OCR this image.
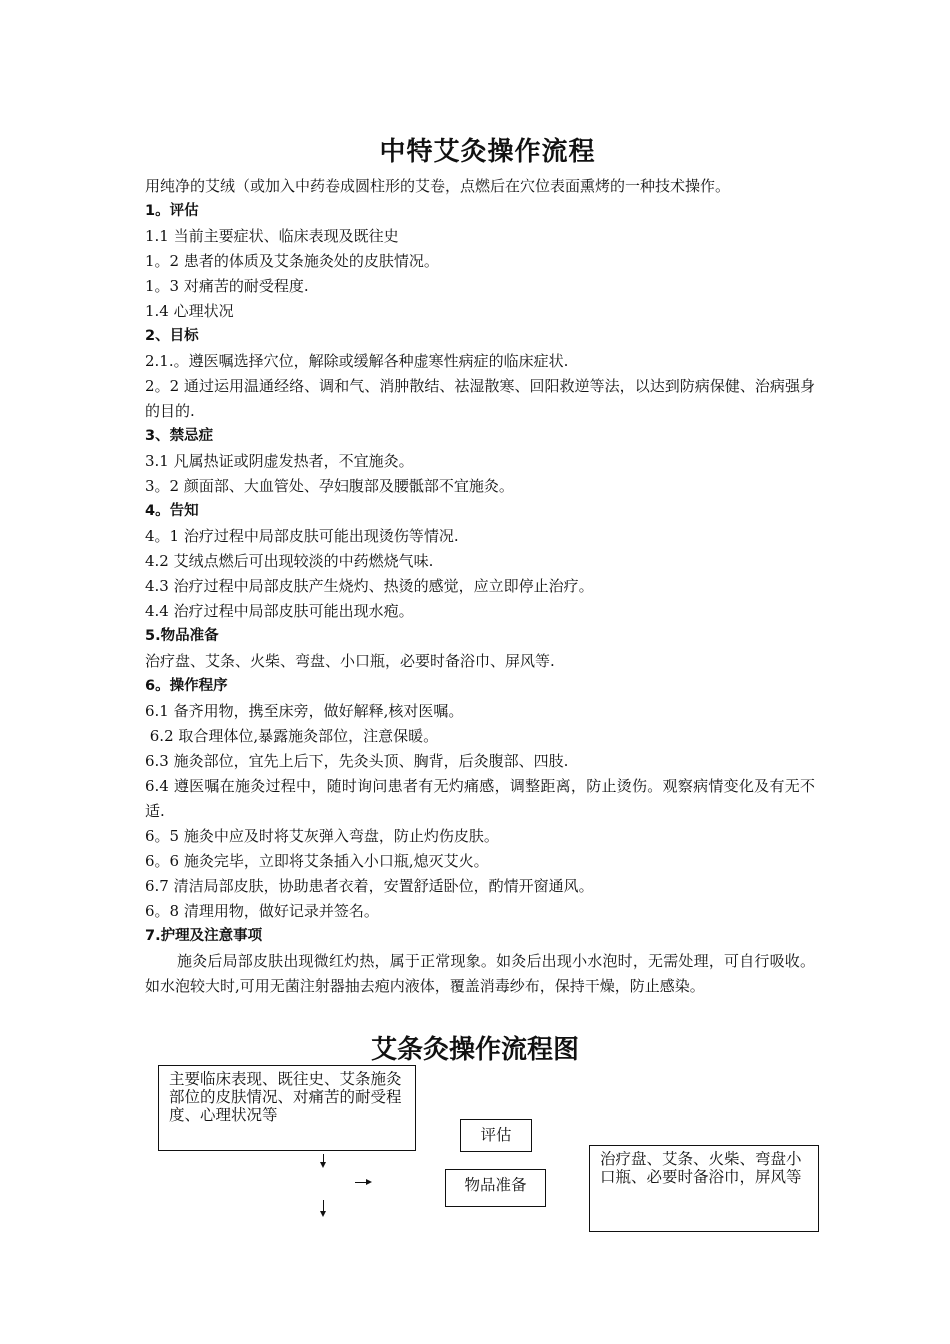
中特艾灸操作流程
用纯净的艾绒（或加入中药卷成圆柱形的艾卷，点燃后在穴位表面熏烤的一种技术操作。
1。评估
1.1 当前主要症状、临床表现及既往史
1。2 患者的体质及艾条施灸处的皮肤情况。
1。3 对痛苦的耐受程度.
1.4 心理状况
2、目标
2.1.。遵医嘱选择穴位，解除或缓解各种虚寒性病症的临床症状.
2。2 通过运用温通经络、调和气、消肿散结、祛湿散寒、回阳救逆等法，以达到防病保健、治病强身的目的.
3、禁忌症
3.1 凡属热证或阴虚发热者，不宜施灸。
3。2 颜面部、大血管处、孕妇腹部及腰骶部不宜施灸。
4。告知
4。1 治疗过程中局部皮肤可能出现烫伤等情况.
4.2 艾绒点燃后可出现较淡的中药燃烧气味.
4.3 治疗过程中局部皮肤产生烧灼、热烫的感觉，应立即停止治疗。
4.4 治疗过程中局部皮肤可能出现水疱。
5.物品准备
治疗盘、艾条、火柴、弯盘、小口瓶，必要时备浴巾、屏风等.
6。操作程序
6.1 备齐用物，携至床旁，做好解释,核对医嘱。
6.2 取合理体位,暴露施灸部位，注意保暖。
6.3 施灸部位，宜先上后下，先灸头顶、胸背，后灸腹部、四肢.
6.4 遵医嘱在施灸过程中，随时询问患者有无灼痛感，调整距离，防止烫伤。观察病情变化及有无不适.
6。5 施灸中应及时将艾灰弹入弯盘，防止灼伤皮肤。
6。6 施灸完毕，立即将艾条插入小口瓶,熄灭艾火。
6.7 清洁局部皮肤，协助患者衣着，安置舒适卧位，酌情开窗通风。
6。8 清理用物，做好记录并签名。
7.护理及注意事项
施灸后局部皮肤出现微红灼热，属于正常现象。如灸后出现小水泡时，无需处理，可自行吸收。如水泡较大时,可用无菌注射器抽去疱内液体，覆盖消毒纱布，保持干燥，防止感染。
艾条灸操作流程图
主要临床表现、既往史、艾条施灸部位的皮肤情况、对痛苦的耐受程度、心理状况等
评估
物品准备
治疗盘、艾条、火柴、弯盘小口瓶、必要时备浴巾，屏风等
